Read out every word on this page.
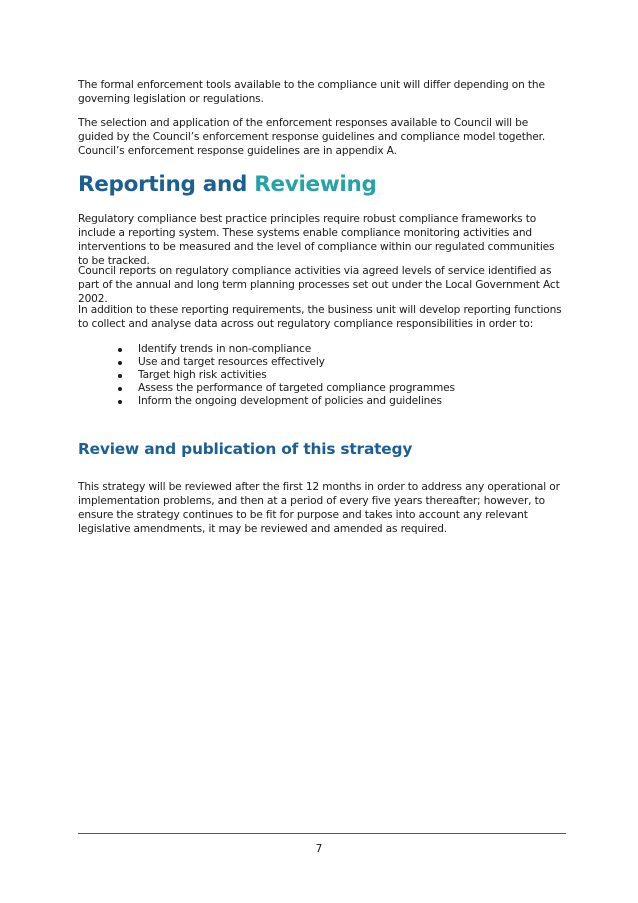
The formal enforcement tools available to the compliance unit will differ depending on the governing legislation or regulations.

The selection and application of the enforcement responses available to Council will be guided by the Council’s enforcement response guidelines and compliance model together. Council’s enforcement response guidelines are in appendix A.

Reporting and Reviewing

Regulatory compliance best practice principles require robust compliance frameworks to include a reporting system. These systems enable compliance monitoring activities and interventions to be measured and the level of compliance within our regulated communities to be tracked.

Council reports on regulatory compliance activities via agreed levels of service identified as part of the annual and long term planning processes set out under the Local Government Act 2002.

In addition to these reporting requirements, the business unit will develop reporting functions to collect and analyse data across out regulatory compliance responsibilities in order to:

Identify trends in non-compliance
Use and target resources effectively
Target high risk activities
Assess the performance of targeted compliance programmes
Inform the ongoing development of policies and guidelines
Review and publication of this strategy

This strategy will be reviewed after the first 12 months in order to address any operational or implementation problems, and then at a period of every five years thereafter; however, to ensure the strategy continues to be fit for purpose and takes into account any relevant legislative amendments, it may be reviewed and amended as required.

7
